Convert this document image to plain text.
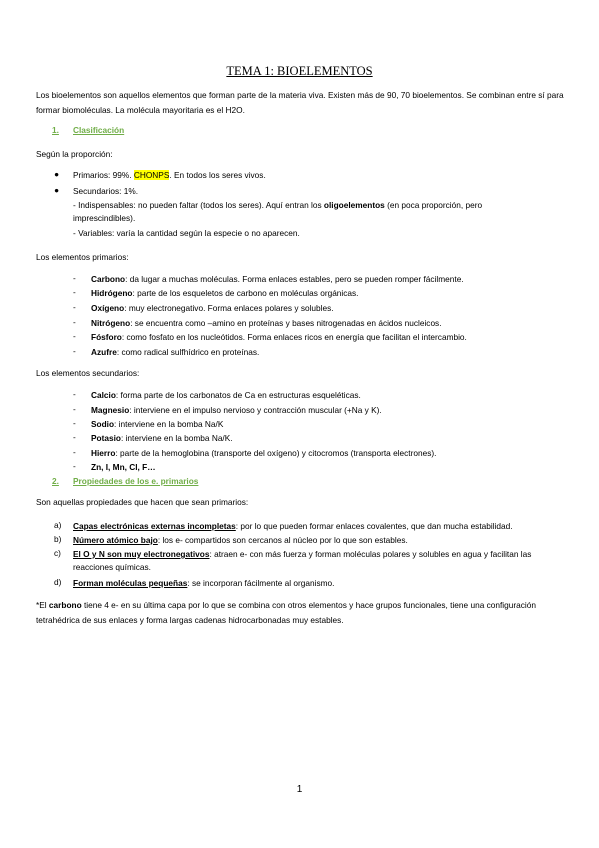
TEMA 1: BIOELEMENTOS
Los bioelementos son aquellos elementos que forman parte de la materia viva. Existen más de 90, 70 bioelementos. Se combinan entre sí para formar biomoléculas. La molécula mayoritaria es el H2O.
1. Clasificación
Según la proporción:
● Primarios: 99%. CHONPS. En todos los seres vivos.
● Secundarios: 1%.
- Indispensables: no pueden faltar (todos los seres). Aquí entran los oligoelementos (en poca proporción, pero
imprescindibles).
- Variables: varía la cantidad según la especie o no aparecen.
Los elementos primarios:
- Carbono: da lugar a muchas moléculas. Forma enlaces estables, pero se pueden romper fácilmente.
- Hidrógeno: parte de los esqueletos de carbono en moléculas orgánicas.
- Oxígeno: muy electronegativo. Forma enlaces polares y solubles.
- Nitrógeno: se encuentra como –amino en proteínas y bases nitrogenadas en ácidos nucleicos.
- Fósforo: como fosfato en los nucleótidos. Forma enlaces ricos en energía que facilitan el intercambio.
- Azufre: como radical sulfhídrico en proteínas.
Los elementos secundarios:
- Calcio: forma parte de los carbonatos de Ca en estructuras esqueléticas.
- Magnesio: interviene en el impulso nervioso y contracción muscular (+Na y K).
- Sodio: interviene en la bomba Na/K
- Potasio: interviene en la bomba Na/K.
- Hierro: parte de la hemoglobina (transporte del oxígeno) y citocromos (transporta electrones).
- Zn, I, Mn, Cl, F…
2. Propiedades de los e. primarios
Son aquellas propiedades que hacen que sean primarios:
a) Capas electrónicas externas incompletas: por lo que pueden formar enlaces covalentes, que dan mucha estabilidad.
b) Número atómico bajo: los e- compartidos son cercanos al núcleo por lo que son estables.
c) El O y N son muy electronegativos: atraen e- con más fuerza y forman moléculas polares y solubles en agua y facilitan las
reacciones químicas.
d) Forman moléculas pequeñas: se incorporan fácilmente al organismo.
*El carbono tiene 4 e- en su última capa por lo que se combina con otros elementos y hace grupos funcionales, tiene una configuración tetrahédrica de sus enlaces y forma largas cadenas hidrocarbonadas muy estables.
1
